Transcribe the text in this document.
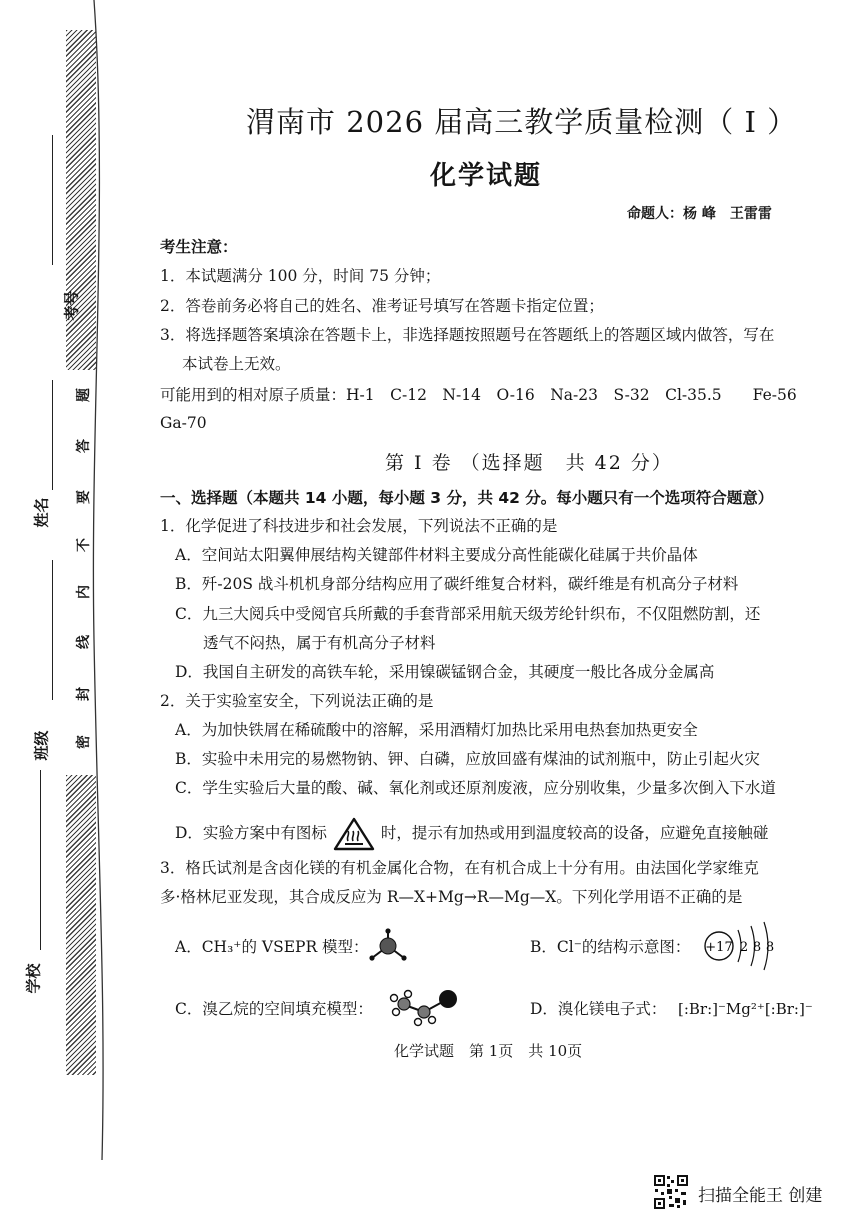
考号
姓名
班级
学校
题
答
要
不
内
线
封
密
渭南市 2026 届高三教学质量检测（ I ）
化学试题
命题人：杨 峰　王雷雷
考生注意：
1．本试题满分 100 分，时间 75 分钟；
2．答卷前务必将自己的姓名、准考证号填写在答题卡指定位置；
3．将选择题答案填涂在答题卡上，非选择题按照题号在答题纸上的答题区域内做答，写在
本试卷上无效。
可能用到的相对原子质量：H-1　C-12　N-14　O-16　Na-23　S-32　Cl-35.5　　Fe-56
Ga-70
第 I 卷 （选择题　共 42 分）
一、选择题（本题共 14 小题，每小题 3 分，共 42 分。每小题只有一个选项符合题意）
1．化学促进了科技进步和社会发展，下列说法不正确的是
A．空间站太阳翼伸展结构关键部件材料主要成分高性能碳化硅属于共价晶体
B．歼-20S 战斗机机身部分结构应用了碳纤维复合材料，碳纤维是有机高分子材料
C．九三大阅兵中受阅官兵所戴的手套背部采用航天级芳纶针织布，不仅阻燃防割，还
透气不闷热，属于有机高分子材料
D．我国自主研发的高铁车轮，采用镍碳锰钢合金，其硬度一般比各成分金属高
2．关于实验室安全，下列说法正确的是
A．为加快铁屑在稀硫酸中的溶解，采用酒精灯加热比采用电热套加热更安全
B．实验中未用完的易燃物钠、钾、白磷，应放回盛有煤油的试剂瓶中，防止引起火灾
C．学生实验后大量的酸、碱、氧化剂或还原剂废液，应分别收集，少量多次倒入下水道
D．实验方案中有图标	时，提示有加热或用到温度较高的设备，应避免直接触碰
3．格氏试剂是含卤化镁的有机金属化合物，在有机合成上十分有用。由法国化学家维克
多·格林尼亚发现，其合成反应为 R—X+Mg→R—Mg—X。下列化学用语不正确的是
A．CH₃⁺的 VSEPR 模型：	B．Cl⁻的结构示意图： +17 2 8 8
C．溴乙烷的空间填充模型：	D．溴化镁电子式： [:Br:]⁻Mg²⁺[:Br:]⁻
化学试题　第 1页　共 10页
扫描全能王 创建
